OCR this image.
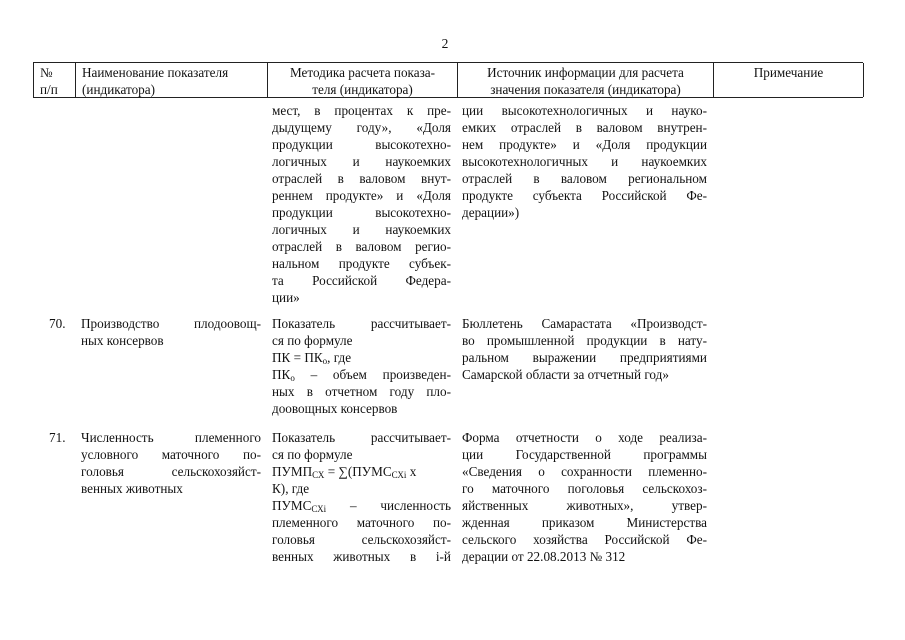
2
№
п/п
Наименование показателя
(индикатора)
Методика расчета показа-
теля (индикатора)
Источник информации для расчета
значения показателя (индикатора)
Примечание
мест, в процентах к пре-
дыдущему году», «Доля
продукции высокотехно-
логичных и наукоемких
отраслей в валовом внут-
реннем продукте» и «Доля
продукции высокотехно-
логичных и наукоемких
отраслей в валовом регио-
нальном продукте субъек-
та Российской Федера-
ции»
ции высокотехнологичных и науко-
емких отраслей в валовом внутрен-
нем продукте» и «Доля продукции
высокотехнологичных и наукоемких
отраслей в валовом региональном
продукте субъекта Российской Фе-
дерации»)
70.	Производство плодоовощ-
ных консервов
Показатель рассчитывает-
ся по формуле
ПК = $ПК_о$, где
$ПК_о$ – объем произведен-
ных в отчетном году пло-
доовощных консервов
Бюллетень Самарастата «Производст-
во промышленной продукции в нату-
ральном выражении предприятиями
Самарской области за отчетный год»
71.	Численность племенного
условного маточного по-
головья сельскохозяйст-
венных животных
Показатель рассчитывает-
ся по формуле
$ПУМП_{СХ}$ = $\sum(ПУМС_{СХi}$ х
К), где
$ПУМС_{СХi}$ – численность
племенного маточного по-
головья сельскохозяйст-
венных животных в i-й
Форма отчетности о ходе реализа-
ции Государственной программы
«Сведения о сохранности племенно-
го маточного поголовья сельскохоз-
яйственных животных», утвер-
жденная приказом Министерства
сельского хозяйства Российской Фе-
дерации от 22.08.2013 № 312
